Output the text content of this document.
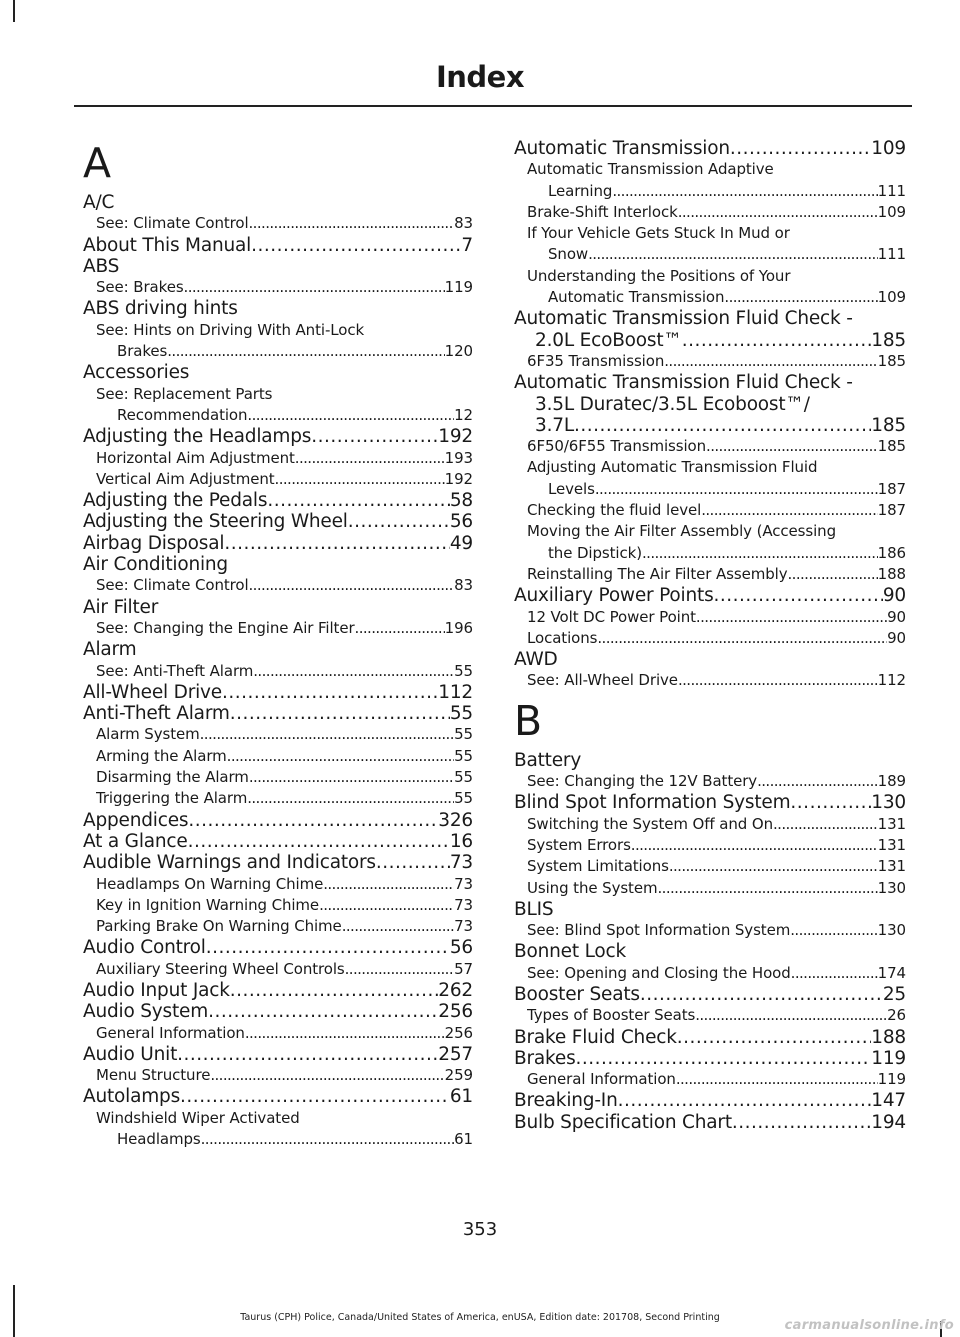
Index
A
A/C
See: Climate Control .....	83
About This Manual .....	7
ABS
See: Brakes .....	119
ABS driving hints
See: Hints on Driving With Anti-Lock
Brakes .....	120
Accessories
See: Replacement Parts
Recommendation .....	12
Adjusting the Headlamps .....	192
Horizontal Aim Adjustment .....	193
Vertical Aim Adjustment .....	192
Adjusting the Pedals .....	58
Adjusting the Steering Wheel .....	56
Airbag Disposal .....	49
Air Conditioning
See: Climate Control .....	83
Air Filter
See: Changing the Engine Air Filter .....	196
Alarm
See: Anti-Theft Alarm .....	55
All-Wheel Drive .....	112
Anti-Theft Alarm .....	55
Alarm System .....	55
Arming the Alarm .....	55
Disarming the Alarm .....	55
Triggering the Alarm .....	55
Appendices .....	326
At a Glance .....	16
Audible Warnings and Indicators .....	73
Headlamps On Warning Chime .....	73
Key in Ignition Warning Chime .....	73
Parking Brake On Warning Chime .....	73
Audio Control .....	56
Auxiliary Steering Wheel Controls .....	57
Audio Input Jack .....	262
Audio System .....	256
General Information .....	256
Audio Unit .....	257
Menu Structure .....	259
Autolamps .....	61
Windshield Wiper Activated
Headlamps .....	61
Automatic Transmission .....	109
Automatic Transmission Adaptive
Learning .....	111
Brake-Shift Interlock .....	109
If Your Vehicle Gets Stuck In Mud or
Snow .....	111
Understanding the Positions of Your
Automatic Transmission .....	109
Automatic Transmission Fluid Check -
2.0L EcoBoost™ .....	185
6F35 Transmission .....	185
Automatic Transmission Fluid Check -
3.5L Duratec/3.5L Ecoboost™/
3.7L .....	185
6F50/6F55 Transmission .....	185
Adjusting Automatic Transmission Fluid
Levels .....	187
Checking the fluid level .....	187
Moving the Air Filter Assembly (Accessing
the Dipstick) .....	186
Reinstalling The Air Filter Assembly .....	188
Auxiliary Power Points .....	90
12 Volt DC Power Point .....	90
Locations .....	90
AWD
See: All-Wheel Drive .....	112
B
Battery
See: Changing the 12V Battery .....	189
Blind Spot Information System .....	130
Switching the System Off and On .....	131
System Errors .....	131
System Limitations .....	131
Using the System .....	130
BLIS
See: Blind Spot Information System .....	130
Bonnet Lock
See: Opening and Closing the Hood .....	174
Booster Seats .....	25
Types of Booster Seats .....	26
Brake Fluid Check .....	188
Brakes .....	119
General Information .....	119
Breaking-In .....	147
Bulb Specification Chart .....	194
353
Taurus (CPH) Police, Canada/United States of America, enUSA, Edition date: 201708, Second Printing
carmanualsonline.info
